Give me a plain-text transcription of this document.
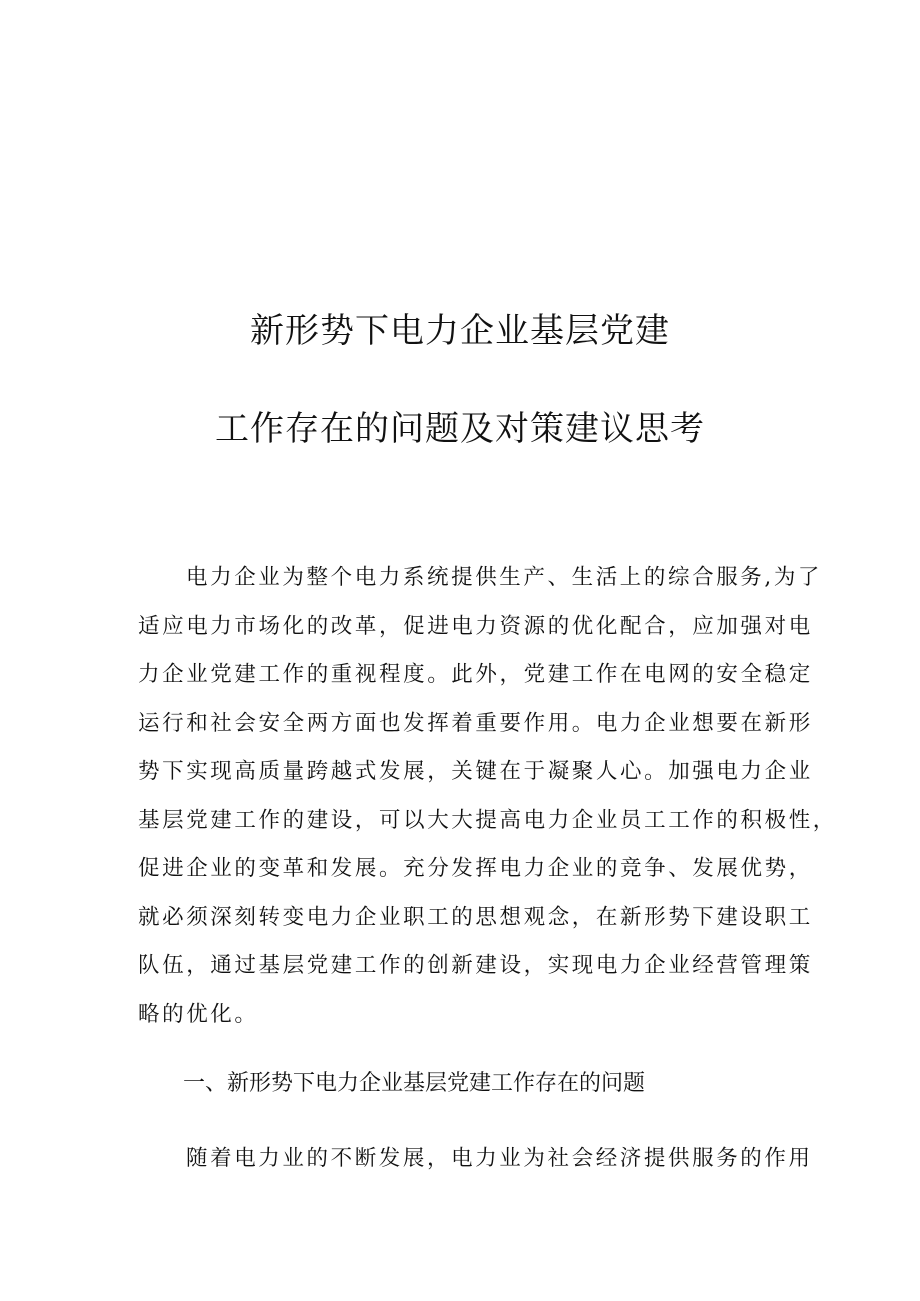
新形势下电力企业基层党建
工作存在的问题及对策建议思考
电力企业为整个电力系统提供生产、生活上的综合服务,为了
适应电力市场化的改革，促进电力资源的优化配合，应加强对电
力企业党建工作的重视程度。此外，党建工作在电网的安全稳定
运行和社会安全两方面也发挥着重要作用。电力企业想要在新形
势下实现高质量跨越式发展，关键在于凝聚人心。加强电力企业
基层党建工作的建设，可以大大提高电力企业员工工作的积极性，
促进企业的变革和发展。充分发挥电力企业的竞争、发展优势，
就必须深刻转变电力企业职工的思想观念，在新形势下建设职工
队伍，通过基层党建工作的创新建设，实现电力企业经营管理策
略的优化。
一、新形势下电力企业基层党建工作存在的问题
随着电力业的不断发展，电力业为社会经济提供服务的作用
